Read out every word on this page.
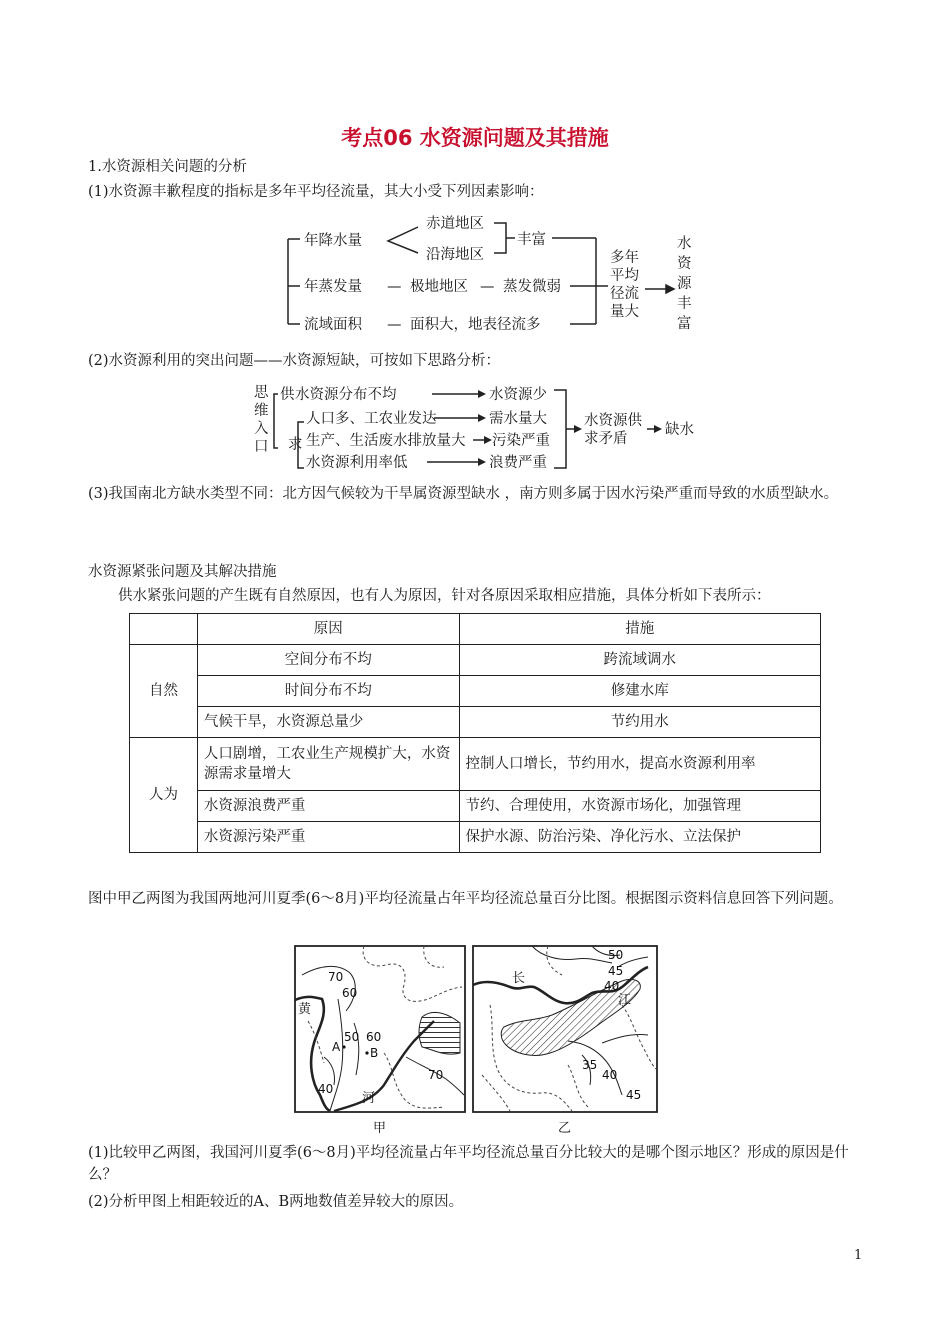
考点06 水资源问题及其措施
1.水资源相关问题的分析
(1)水资源丰歉程度的指标是多年平均径流量，其大小受下列因素影响：
年降水量
赤道地区
沿海地区
丰富
年蒸发量 — 极地地区 — 蒸发微弱
流域面积 — 面积大，地表径流多
多年
平均
径流
量大
水
资
源
丰
富
(2)水资源利用的突出问题——水资源短缺，可按如下思路分析：
思
维
入
口
供 水资源分布不均	水资源少
求
人口多、工农业发达	需水量大
生产、生活废水排放量大 污染严重
水资源利用率低	浪费严重
水资源供
求矛盾
缺水
(3)我国南北方缺水类型不同：北方因气候较为干旱属资源型缺水 ，南方则多属于因水污染严重而导致的水质型缺水。
水资源紧张问题及其解决措施
供水紧张问题的产生既有自然原因，也有人为原因，针对各原因采取相应措施，具体分析如下表所示：
	原因	措施
自然	空间分布不均	跨流域调水
	时间分布不均	修建水库
	气候干旱，水资源总量少	节约用水
人为	人口剧增，工农业生产规模扩大，水资源需求量增大	控制人口增长，节约用水，提高水资源利用率
	水资源浪费严重	节约、合理使用，水资源市场化，加强管理
	水资源污染严重	保护水源、防治污染、净化污水、立法保护
图中甲乙两图为我国两地河川夏季(6～8月)平均径流量占年平均径流总量百分比图。根据图示资料信息回答下列问题。
70
60
黄
50 60
A B
40
70
河
甲
50
45
40
长
江
35
40
45
乙
(1)比较甲乙两图，我国河川夏季(6～8月)平均径流量占年平均径流总量百分比较大的是哪个图示地区？形成的原因是什么？
(2)分析甲图上相距较近的A、B两地数值差异较大的原因。
1
